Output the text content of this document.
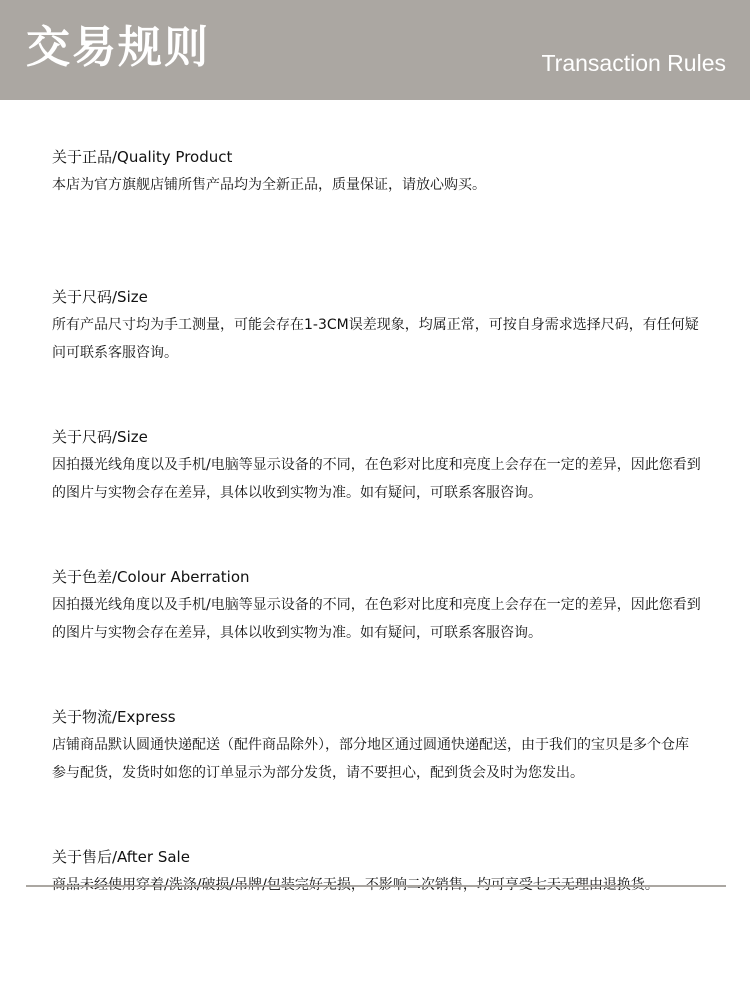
交易规则	Transaction Rules
关于正品/Quality Product
本店为官方旗舰店铺所售产品均为全新正品，质量保证，请放心购买。
关于尺码/Size
所有产品尺寸均为手工测量，可能会存在1-3CM误差现象，均属正常，可按自身需求选择尺码，有任何疑问可联系客服咨询。
关于尺码/Size
因拍摄光线角度以及手机/电脑等显示设备的不同，在色彩对比度和亮度上会存在一定的差异，因此您看到的图片与实物会存在差异，具体以收到实物为准。如有疑问，可联系客服咨询。
关于色差/Colour Aberration
因拍摄光线角度以及手机/电脑等显示设备的不同，在色彩对比度和亮度上会存在一定的差异，因此您看到的图片与实物会存在差异，具体以收到实物为准。如有疑问，可联系客服咨询。
关于物流/Express
店铺商品默认圆通快递配送（配件商品除外），部分地区通过圆通快递配送，由于我们的宝贝是多个仓库参与配货，发货时如您的订单显示为部分发货，请不要担心，配到货会及时为您发出。
关于售后/After Sale
商品未经使用穿着/洗涤/破损/吊牌/包装完好无损，不影响二次销售，均可享受七天无理由退换货。
